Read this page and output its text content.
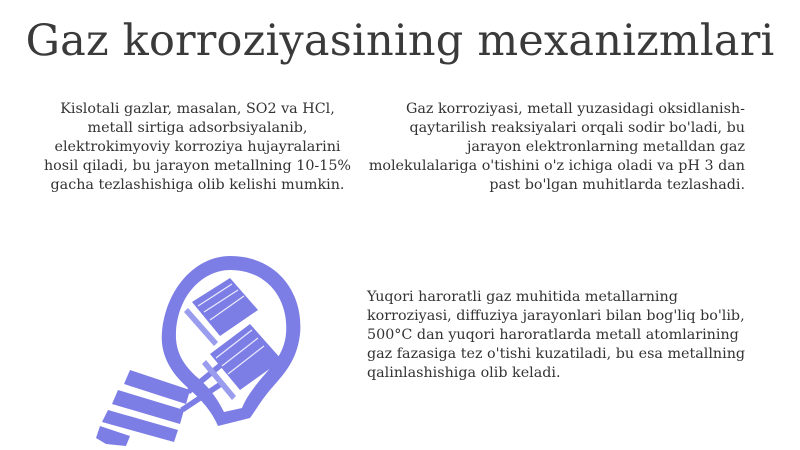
Gaz korroziyasining mexanizmlari

Kislotali gazlar, masalan, SO2 va HCl, metall sirtiga adsorbsiyalanib, elektrokimyoviy korroziya hujayralarini hosil qiladi, bu jarayon metallning 10-15% gacha tezlashishiga olib kelishi mumkin.

Gaz korroziyasi, metall yuzasidagi oksidlanish-qaytarilish reaksiyalari orqali sodir bo'ladi, bu jarayon elektronlarning metalldan gaz molekulalariga o'tishini o'z ichiga oladi va pH 3 dan past bo'lgan muhitlarda tezlashadi.

Yuqori haroratli gaz muhitida metallarning korroziyasi, diffuziya jarayonlari bilan bog'liq bo'lib, 500°C dan yuqori haroratlarda metall atomlarining gaz fazasiga tez o'tishi kuzatiladi, bu esa metallning qalinlashishiga olib keladi.
